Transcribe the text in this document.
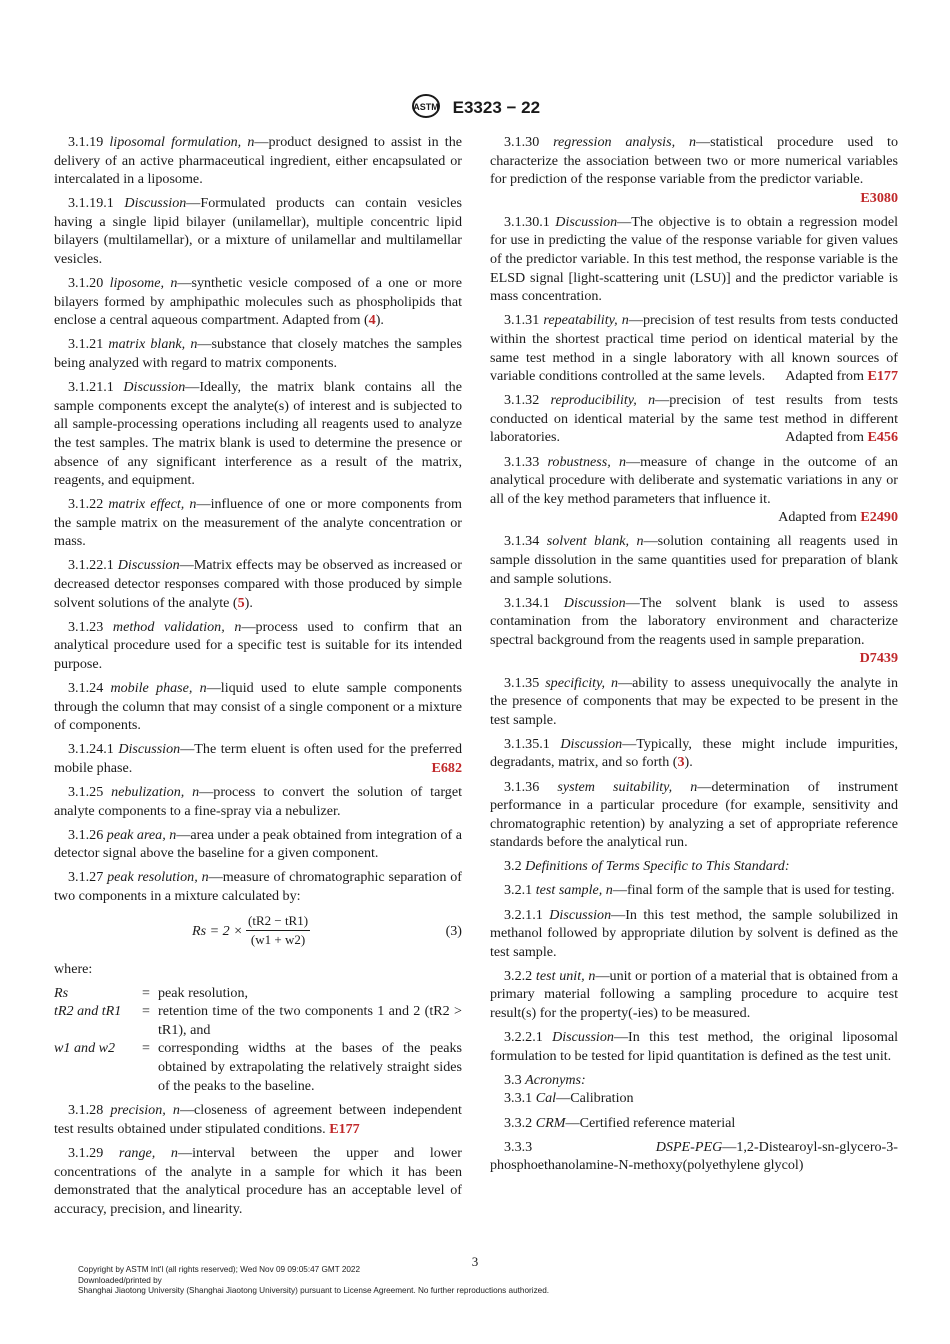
ASTM E3323 − 22

3.1.19 liposomal formulation, n—product designed to assist in the delivery of an active pharmaceutical ingredient, either encapsulated or intercalated in a liposome.

3.1.19.1 Discussion—Formulated products can contain vesicles having a single lipid bilayer (unilamellar), multiple concentric lipid bilayers (multilamellar), or a mixture of unilamellar and multilamellar vesicles.

3.1.20 liposome, n—synthetic vesicle composed of a one or more bilayers formed by amphipathic molecules such as phospholipids that enclose a central aqueous compartment. Adapted from (4).

3.1.21 matrix blank, n—substance that closely matches the samples being analyzed with regard to matrix components.

3.1.21.1 Discussion—Ideally, the matrix blank contains all the sample components except the analyte(s) of interest and is subjected to all sample-processing operations including all reagents used to analyze the test samples. The matrix blank is used to determine the presence or absence of any significant interference as a result of the matrix, reagents, and equipment.

3.1.22 matrix effect, n—influence of one or more components from the sample matrix on the measurement of the analyte concentration or mass.

3.1.22.1 Discussion—Matrix effects may be observed as increased or decreased detector responses compared with those produced by simple solvent solutions of the analyte (5).

3.1.23 method validation, n—process used to confirm that an analytical procedure used for a specific test is suitable for its intended purpose.

3.1.24 mobile phase, n—liquid used to elute sample components through the column that may consist of a single component or a mixture of components.

3.1.24.1 Discussion—The term eluent is often used for the preferred mobile phase.	E682

3.1.25 nebulization, n—process to convert the solution of target analyte components to a fine-spray via a nebulizer.

3.1.26 peak area, n—area under a peak obtained from integration of a detector signal above the baseline for a given component.

3.1.27 peak resolution, n—measure of chromatographic separation of two components in a mixture calculated by:

$Rs = 2 \times \frac{(tR2 - tR1)}{(w1 + w2)}$	(3)

where:

Rs	= peak resolution,
tR2 and tR1	= retention time of the two components 1 and 2 (tR2 > tR1), and
w1 and w2	= corresponding widths at the bases of the peaks obtained by extrapolating the relatively straight sides of the peaks to the baseline.

3.1.28 precision, n—closeness of agreement between independent test results obtained under stipulated conditions. E177

3.1.29 range, n—interval between the upper and lower concentrations of the analyte in a sample for which it has been demonstrated that the analytical procedure has an acceptable level of accuracy, precision, and linearity.

3.1.30 regression analysis, n—statistical procedure used to characterize the association between two or more numerical variables for prediction of the response variable from the predictor variable.
E3080

3.1.30.1 Discussion—The objective is to obtain a regression model for use in predicting the value of the response variable for given values of the predictor variable. In this test method, the response variable is the ELSD signal [light-scattering unit (LSU)] and the predictor variable is mass concentration.

3.1.31 repeatability, n—precision of test results from tests conducted within the shortest practical time period on identical material by the same test method in a single laboratory with all known sources of variable conditions controlled at the same levels.	Adapted from E177

3.1.32 reproducibility, n—precision of test results from tests conducted on identical material by the same test method in different laboratories.	Adapted from E456

3.1.33 robustness, n—measure of change in the outcome of an analytical procedure with deliberate and systematic variations in any or all of the key method parameters that influence it.
Adapted from E2490

3.1.34 solvent blank, n—solution containing all reagents used in sample dissolution in the same quantities used for preparation of blank and sample solutions.

3.1.34.1 Discussion—The solvent blank is used to assess contamination from the laboratory environment and characterize spectral background from the reagents used in sample preparation.
D7439

3.1.35 specificity, n—ability to assess unequivocally the analyte in the presence of components that may be expected to be present in the test sample.

3.1.35.1 Discussion—Typically, these might include impurities, degradants, matrix, and so forth (3).

3.1.36 system suitability, n—determination of instrument performance in a particular procedure (for example, sensitivity and chromatographic retention) by analyzing a set of appropriate reference standards before the analytical run.

3.2 Definitions of Terms Specific to This Standard:

3.2.1 test sample, n—final form of the sample that is used for testing.

3.2.1.1 Discussion—In this test method, the sample solubilized in methanol followed by appropriate dilution by solvent is defined as the test sample.

3.2.2 test unit, n—unit or portion of a material that is obtained from a primary material following a sampling procedure to acquire test result(s) for the property(-ies) to be measured.

3.2.2.1 Discussion—In this test method, the original liposomal formulation to be tested for lipid quantitation is defined as the test unit.

3.3 Acronyms:

3.3.1 Cal—Calibration

3.3.2 CRM—Certified reference material

3.3.3	DSPE-PEG—1,2-Distearoyl-sn-glycero-3-phosphoethanolamine-N-methoxy(polyethylene glycol)

3
Copyright by ASTM Int'l (all rights reserved); Wed Nov 09 09:05:47 GMT 2022
Downloaded/printed by
Shanghai Jiaotong University (Shanghai Jiaotong University) pursuant to License Agreement. No further reproductions authorized.
